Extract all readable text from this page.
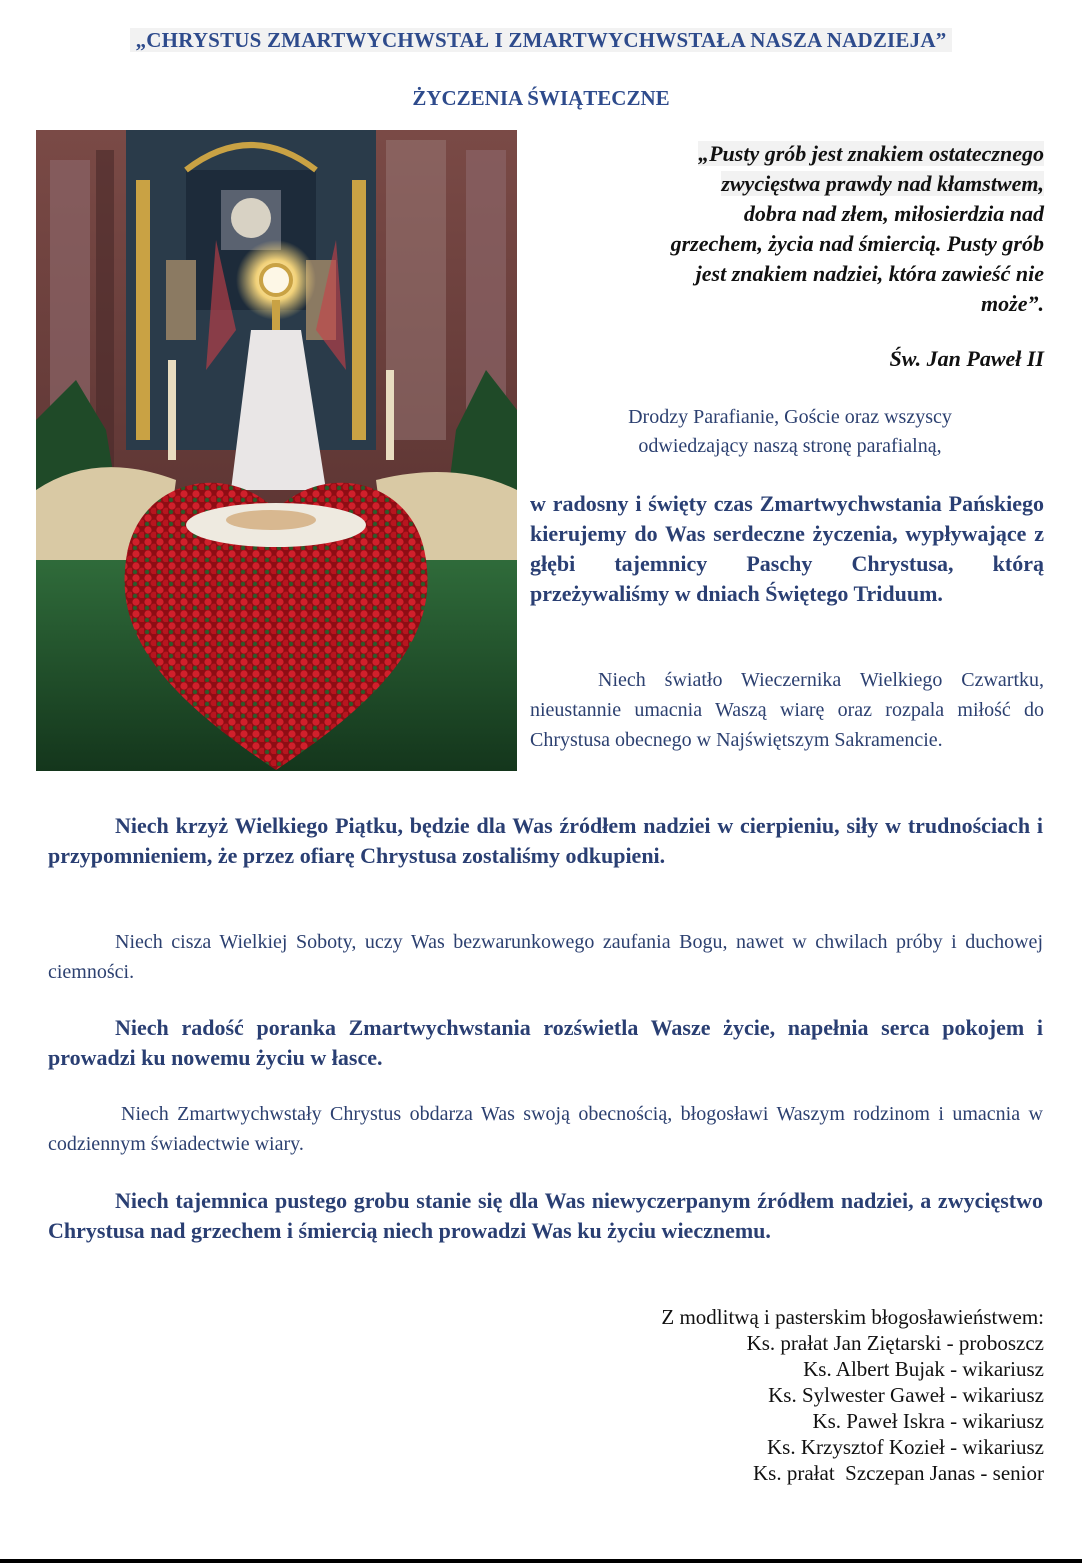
„CHRYSTUS ZMARTWYCHWSTAŁ I ZMARTWYCHWSTAŁA NASZA NADZIEJA”
ŻYCZENIA ŚWIĄTECZNE
„Pusty grób jest znakiem ostatecznego
zwycięstwa prawdy nad kłamstwem,
dobra nad złem, miłosierdzia nad
grzechem, życia nad śmiercią. Pusty grób
jest znakiem nadziei, która zawieść nie
może”.
Św. Jan Paweł II
Drodzy Parafianie, Goście oraz wszyscy
odwiedzający naszą stronę parafialną,
w radosny i święty czas Zmartwychwstania Pańskiego kierujemy do Was serdeczne życzenia, wypływające z głębi tajemnicy Paschy Chrystusa, którą przeżywaliśmy w dniach Świętego Triduum.
Niech światło Wieczernika Wielkiego Czwartku, nieustannie umacnia Waszą wiarę oraz rozpala miłość do Chrystusa obecnego w Najświętszym Sakramencie.
Niech krzyż Wielkiego Piątku, będzie dla Was źródłem nadziei w cierpieniu, siły w trudnościach i przypomnieniem, że przez ofiarę Chrystusa zostaliśmy odkupieni.
Niech cisza Wielkiej Soboty, uczy Was bezwarunkowego zaufania Bogu, nawet w chwilach próby i duchowej ciemności.
Niech radość poranka Zmartwychwstania rozświetla Wasze życie, napełnia serca pokojem i prowadzi ku nowemu życiu w łasce.
Niech Zmartwychwstały Chrystus obdarza Was swoją obecnością, błogosławi Waszym rodzinom i umacnia w codziennym świadectwie wiary.
Niech tajemnica pustego grobu stanie się dla Was niewyczerpanym źródłem nadziei, a zwycięstwo Chrystusa nad grzechem i śmiercią niech prowadzi Was ku życiu wiecznemu.
Z modlitwą i pasterskim błogosławieństwem:
Ks. prałat Jan Ziętarski - proboszcz
Ks. Albert Bujak - wikariusz
Ks. Sylwester Gaweł - wikariusz
Ks. Paweł Iskra - wikariusz
Ks. Krzysztof Kozieł - wikariusz
Ks. prałat  Szczepan Janas - senior
